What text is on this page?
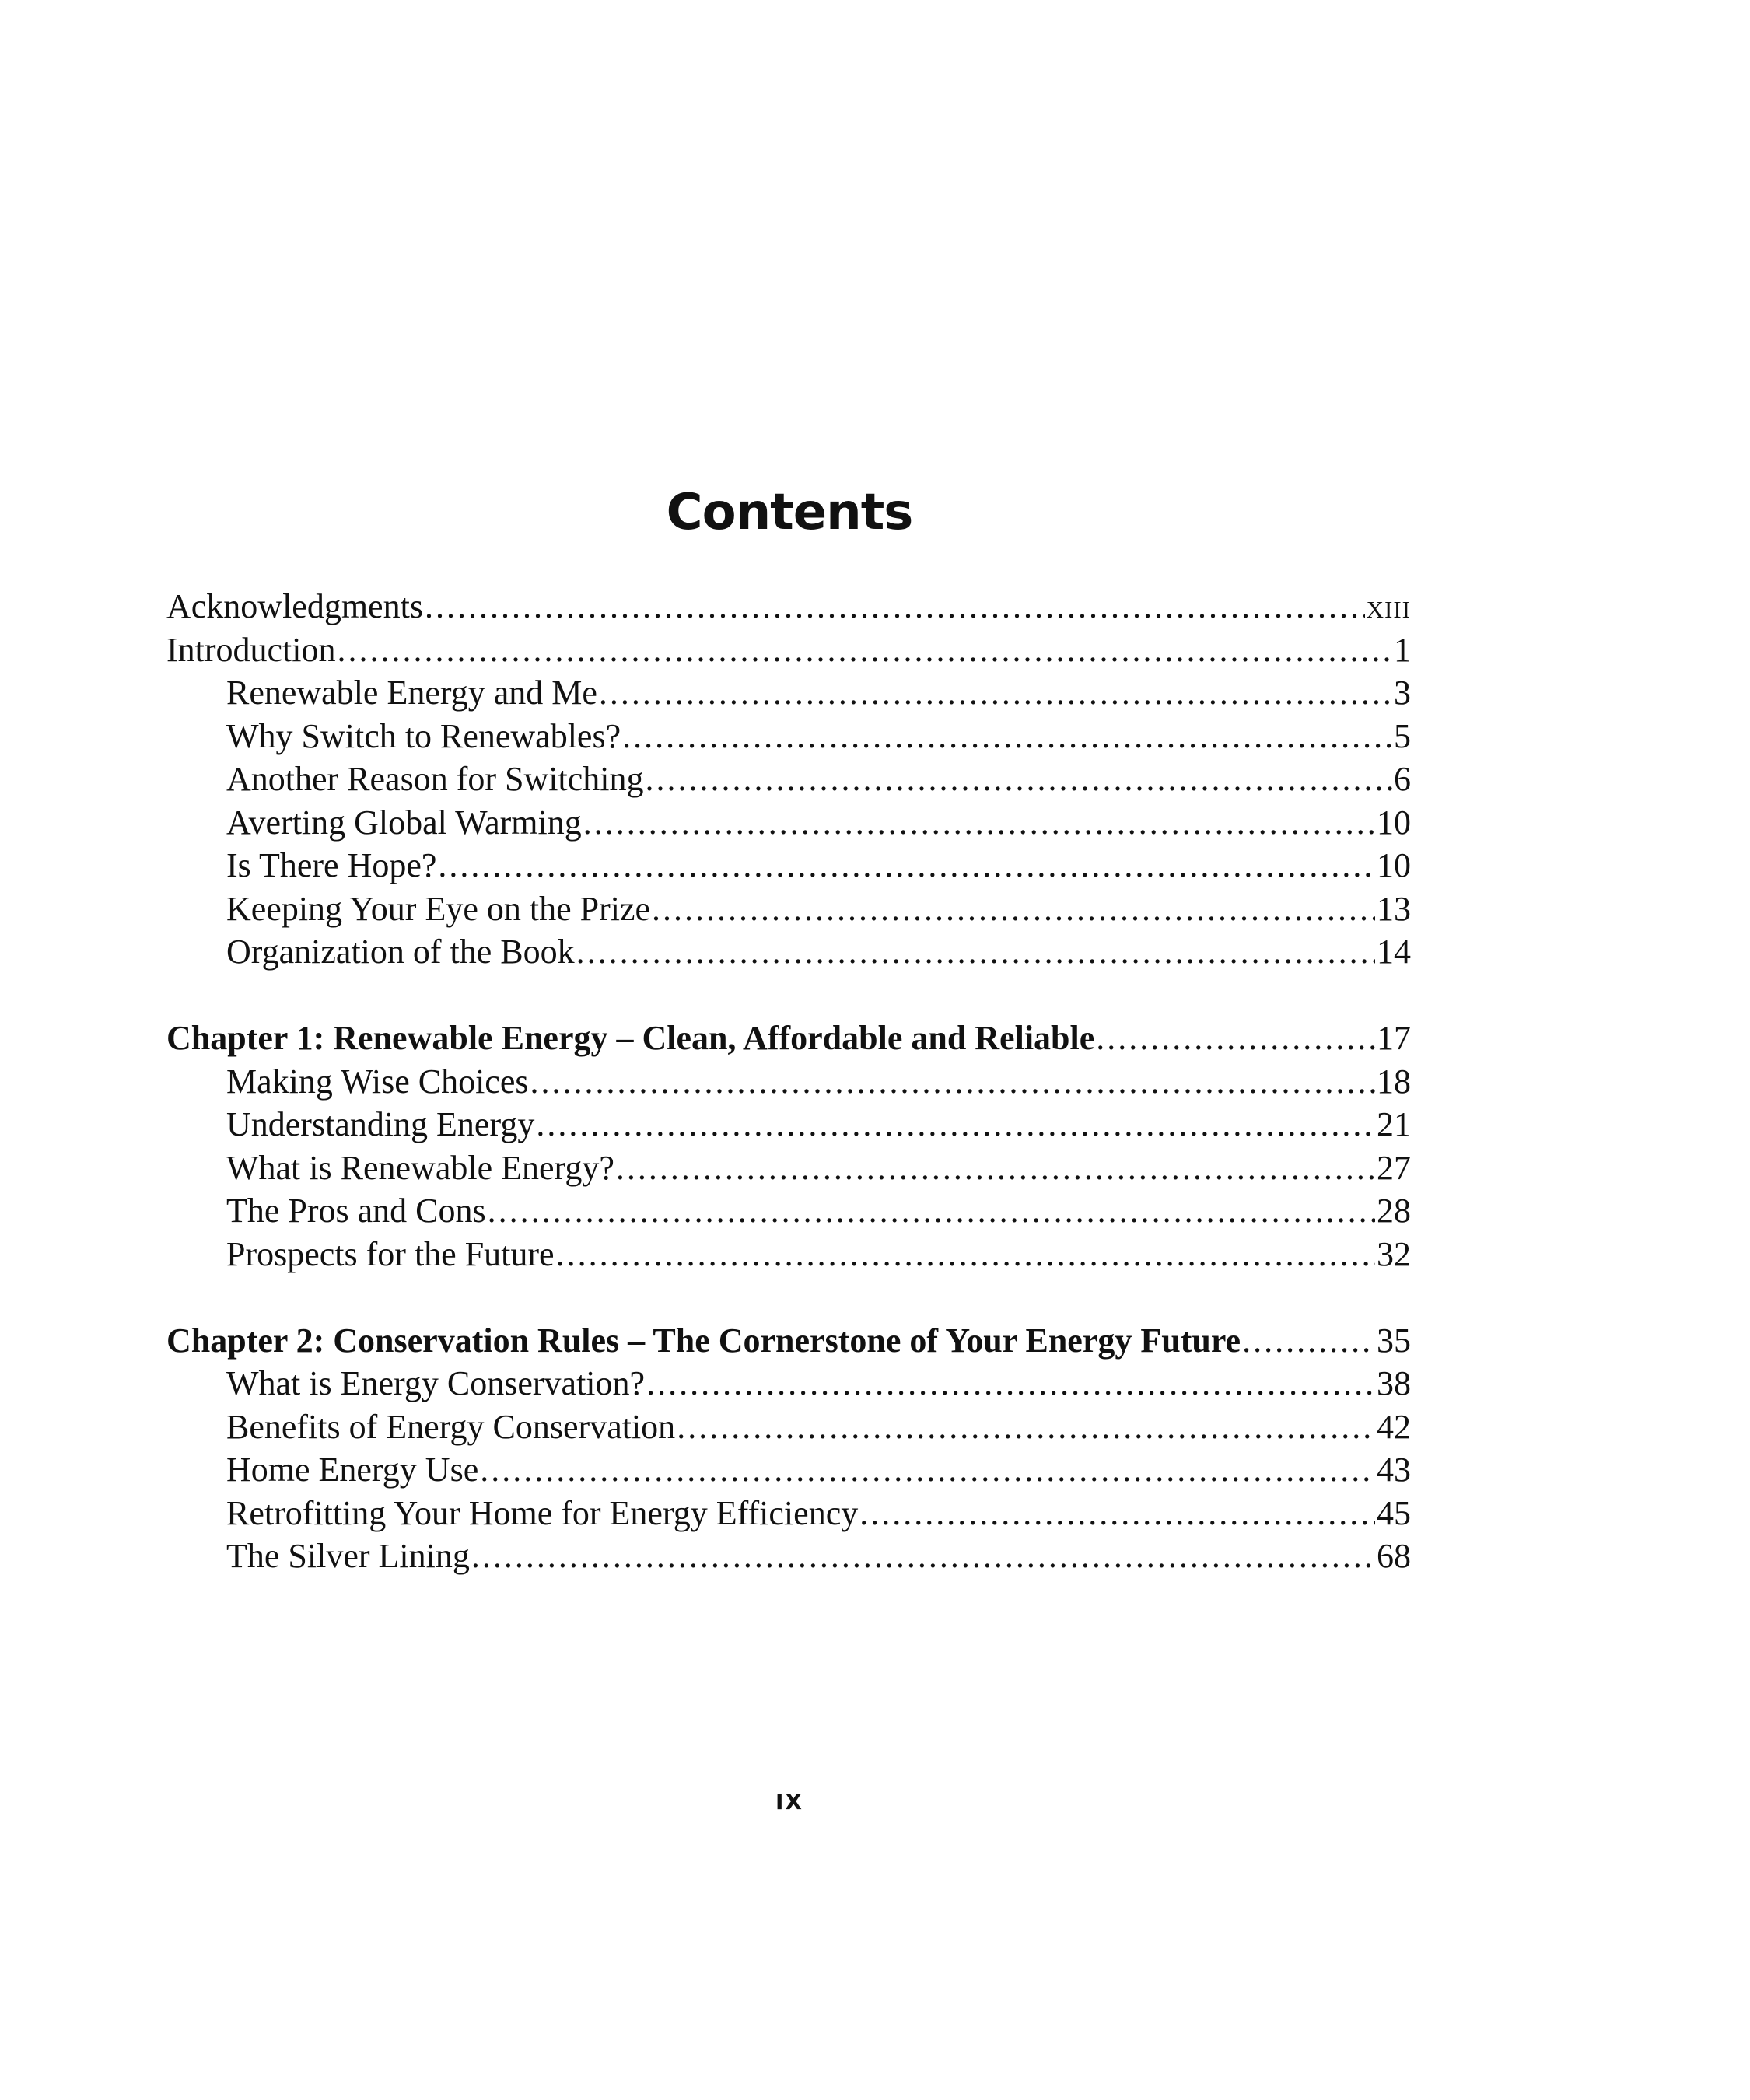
Contents
Acknowledgments .....	xiii
Introduction .....	1
Renewable Energy and Me .....	3
Why Switch to Renewables? .....	5
Another Reason for Switching .....	6
Averting Global Warming .....	10
Is There Hope? .....	10
Keeping Your Eye on the Prize .....	13
Organization of the Book .....	14
Chapter 1: Renewable Energy – Clean, Affordable and Reliable .....	17
Making Wise Choices .....	18
Understanding Energy .....	21
What is Renewable Energy? .....	27
The Pros and Cons .....	28
Prospects for the Future .....	32
Chapter 2: Conservation Rules – The Cornerstone of Your Energy Future .....	35
What is Energy Conservation? .....	38
Benefits of Energy Conservation .....	42
Home Energy Use .....	43
Retrofitting Your Home for Energy Efficiency .....	45
The Silver Lining .....	68
IX
